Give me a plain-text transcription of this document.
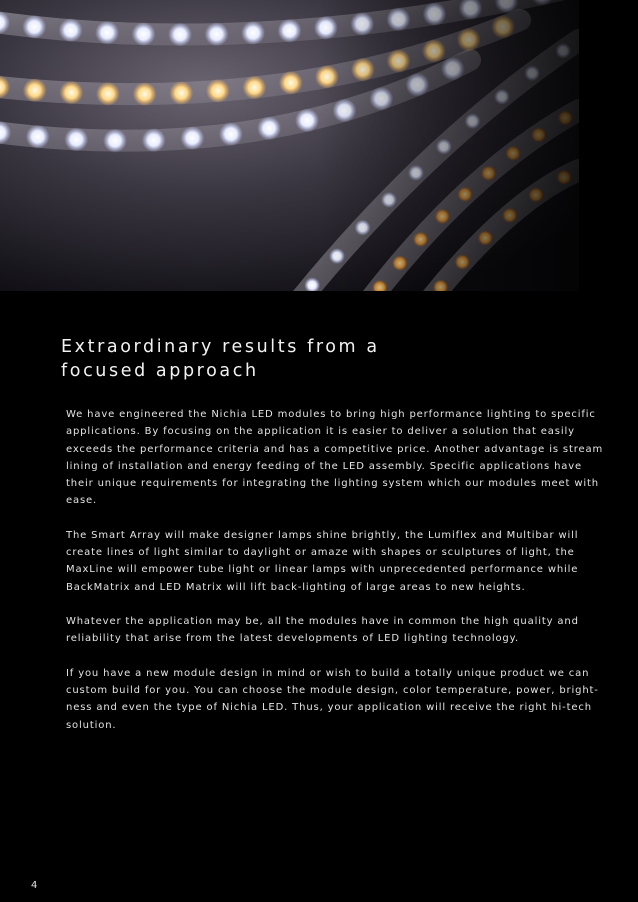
Extraordinary results from a
focused approach

We have engineered the Nichia LED modules to bring high performance lighting to specific
applications. By focusing on the application it is easier to deliver a solution that easily
exceeds the performance criteria and has a competitive price. Another advantage is stream
lining of installation and energy feeding of the LED assembly. Specific applications have
their unique requirements for integrating the lighting system which our modules meet with
ease.

The Smart Array will make designer lamps shine brightly, the Lumiflex and Multibar will
create lines of light similar to daylight or amaze with shapes or sculptures of light, the
MaxLine will empower tube light or linear lamps with unprecedented performance while
BackMatrix and LED Matrix will lift back-lighting of large areas to new heights.

Whatever the application may be, all the modules have in common the high quality and
reliability that arise from the latest developments of LED lighting technology.

If you have a new module design in mind or wish to build a totally unique product we can
custom build for you. You can choose the module design, color temperature, power, bright-
ness and even the type of Nichia LED. Thus, your application will receive the right hi-tech
solution.

4
